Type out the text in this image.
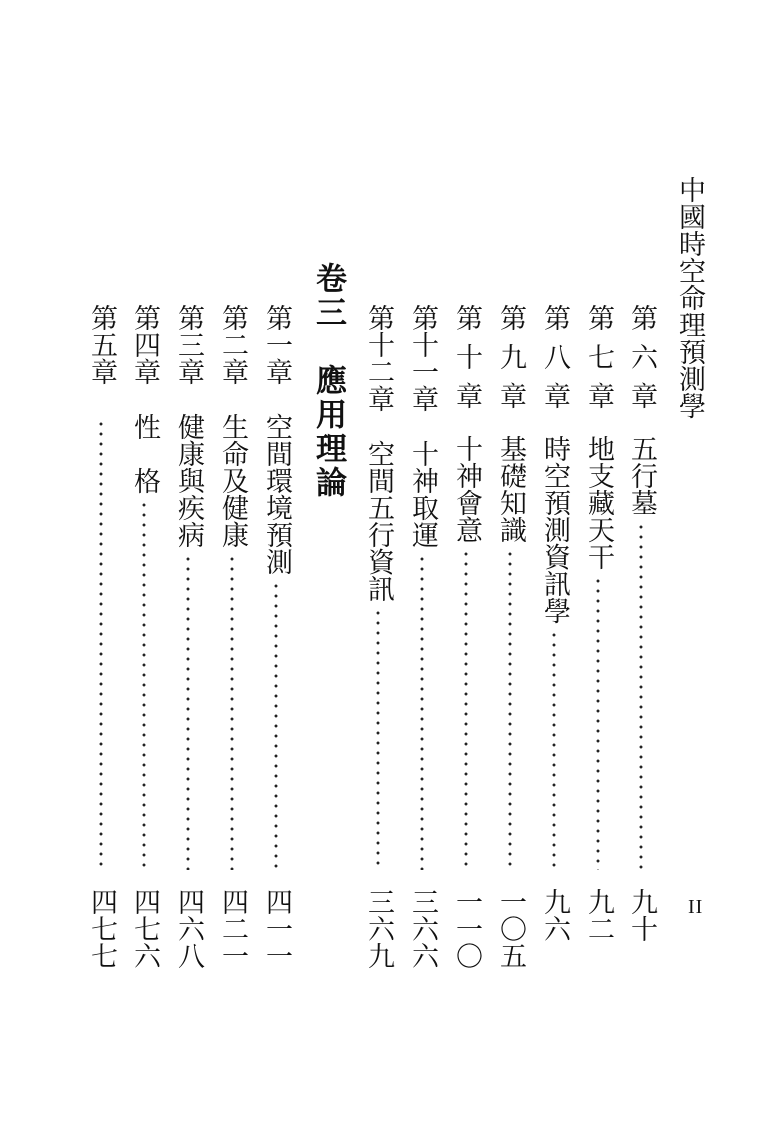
中國時空命理預測學
II
卷三　應用理論	第六章五行墓
九十
第七章地支藏天干
九二
第八章時空預測資訊學
九六
第九章基礎知識
一〇五
第十章十神會意
一一〇
第十一章十神取運
三六六
第十二章空間五行資訊
三六九
第一章空間環境預測
四一一
第二章生命及健康
四二一
第三章健康與疾病
四六八
第四章性　格
四七六
第五章
四七七
